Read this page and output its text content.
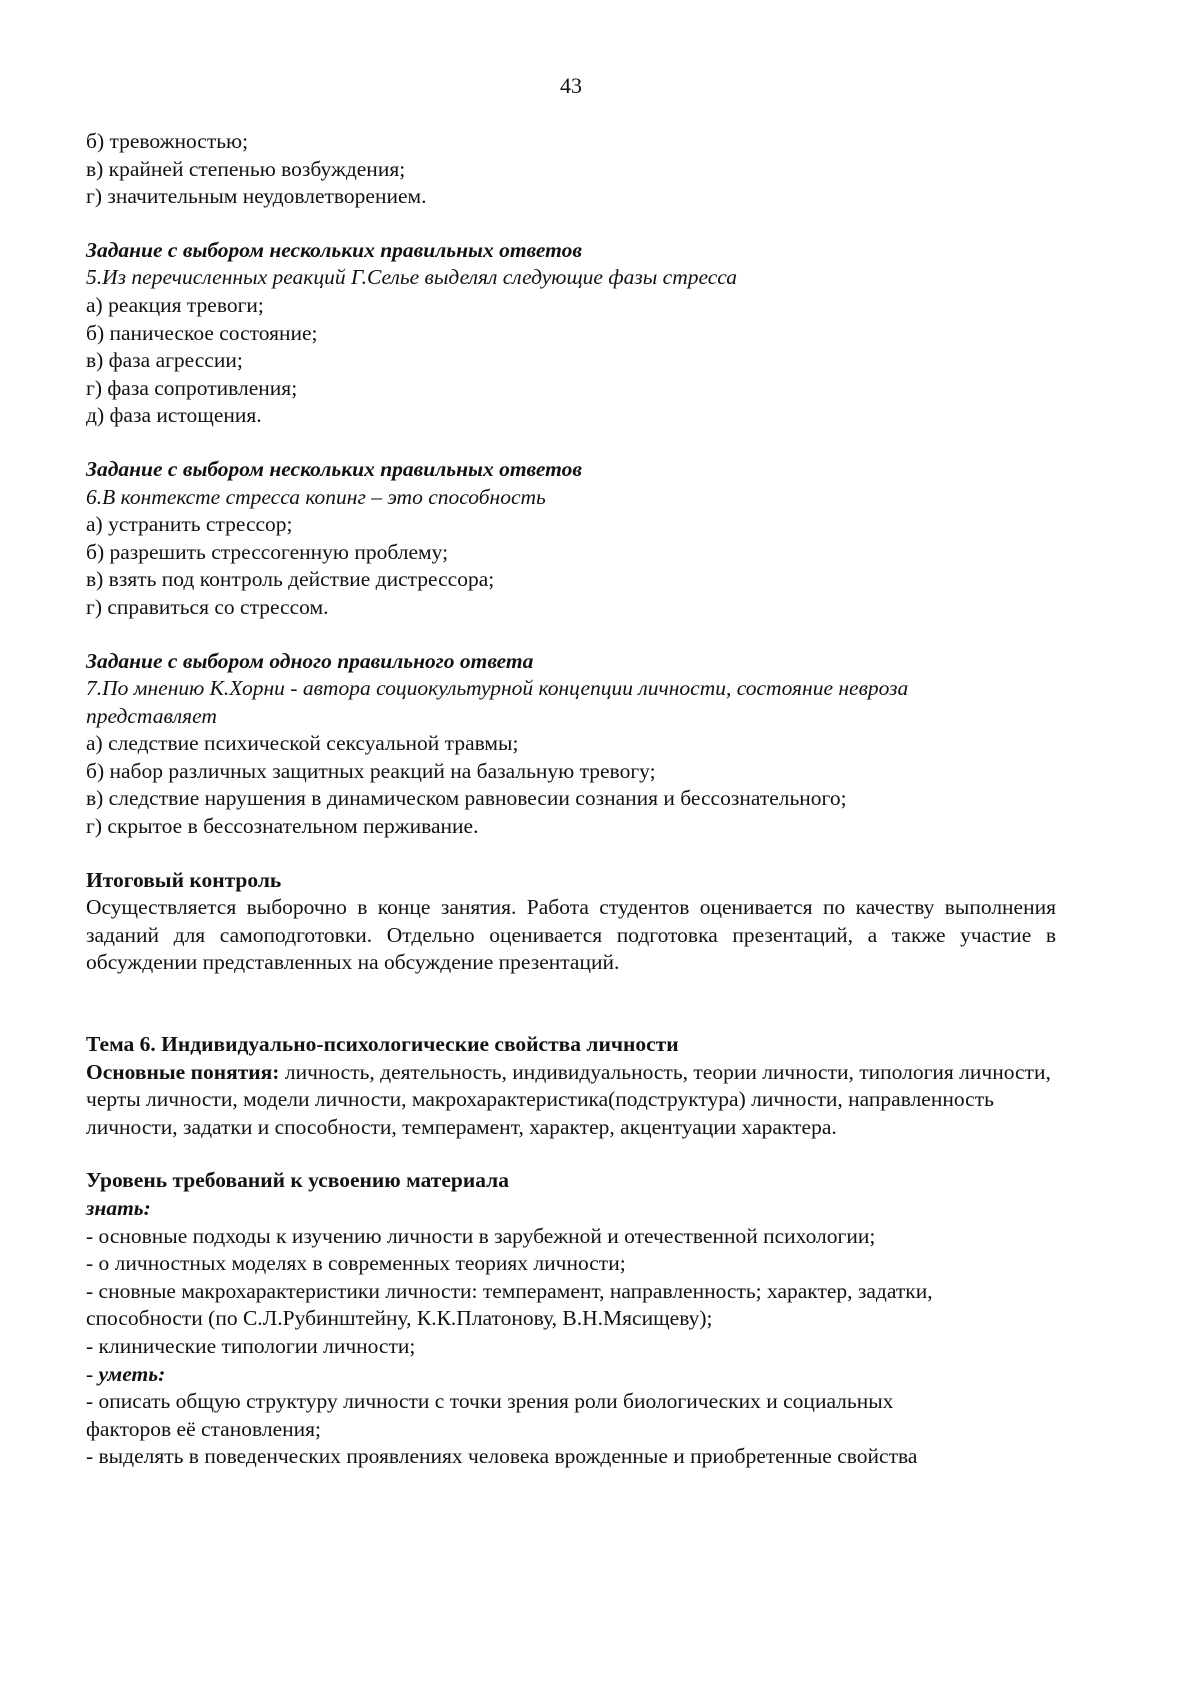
43
б) тревожностью;
в) крайней степенью возбуждения;
г) значительным неудовлетворением.
Задание с выбором нескольких правильных ответов
5.Из перечисленных реакций Г.Селье выделял следующие фазы стресса
а) реакция тревоги;
б) паническое состояние;
в) фаза агрессии;
г) фаза сопротивления;
д) фаза истощения.
Задание с выбором нескольких правильных ответов
6.В контексте стресса копинг – это способность
а) устранить стрессор;
б) разрешить стрессогенную проблему;
в) взять под контроль действие дистрессора;
г) справиться со стрессом.
Задание с выбором одного правильного ответа
7.По мнению К.Хорни - автора социокультурной концепции личности, состояние невроза
представляет
а) следствие психической сексуальной травмы;
б) набор различных защитных реакций на базальную тревогу;
в) следствие нарушения в динамическом равновесии сознания и бессознательного;
г) скрытое в бессознательном перживание.
Итоговый контроль
Осуществляется выборочно в конце занятия. Работа студентов оценивается по качеству выполнения заданий для самоподготовки. Отдельно оценивается подготовка презентаций, а также участие в обсуждении представленных на обсуждение презентаций.
Тема 6. Индивидуально-психологические свойства личности
Основные понятия: личность, деятельность, индивидуальность, теории личности, типология личности, черты личности, модели личности, макрохарактеристика(подструктура) личности, направленность личности, задатки и способности, темперамент, характер, акцентуации характера.
Уровень требований к усвоению материала
знать:
- основные подходы к изучению личности в зарубежной и отечественной психологии;
- о личностных моделях в современных теориях личности;
- сновные макрохарактеристики личности: темперамент, направленность; характер, задатки,
способности (по С.Л.Рубинштейну, К.К.Платонову, В.Н.Мясищеву);
- клинические типологии личности;
- уметь:
- описать общую структуру личности с точки зрения роли биологических и социальных
факторов её становления;
- выделять в поведенческих проявлениях человека врожденные и приобретенные свойства
